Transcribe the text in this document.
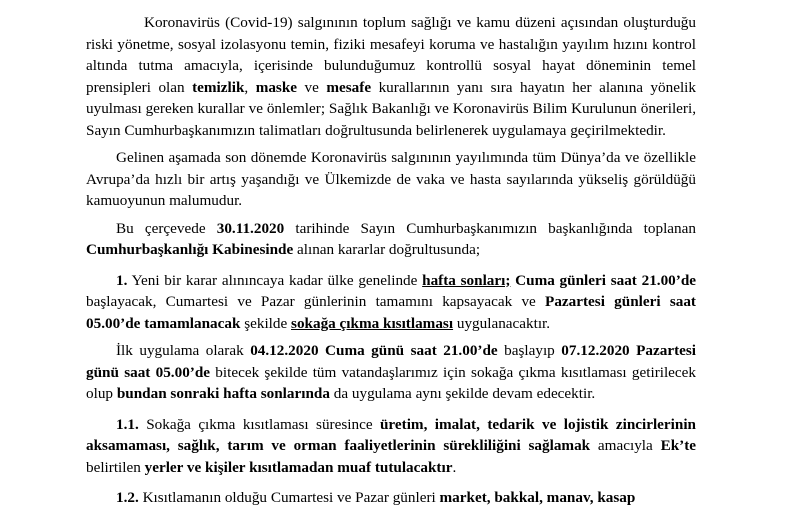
Koronavirüs (Covid-19) salgınının toplum sağlığı ve kamu düzeni açısından oluşturduğu riski yönetme, sosyal izolasyonu temin, fiziki mesafeyi koruma ve hastalığın yayılım hızını kontrol altında tutma amacıyla, içerisinde bulunduğumuz kontrollü sosyal hayat döneminin temel prensipleri olan temizlik, maske ve mesafe kurallarının yanı sıra hayatın her alanına yönelik uyulması gereken kurallar ve önlemler; Sağlık Bakanlığı ve Koronavirüs Bilim Kurulunun önerileri, Sayın Cumhurbaşkanımızın talimatları doğrultusunda belirlenerek uygulamaya geçirilmektedir.

Gelinen aşamada son dönemde Koronavirüs salgınının yayılımında tüm Dünya’da ve özellikle Avrupa’da hızlı bir artış yaşandığı ve Ülkemizde de vaka ve hasta sayılarında yükseliş görüldüğü kamuoyunun malumudur.

Bu çerçevede 30.11.2020 tarihinde Sayın Cumhurbaşkanımızın başkanlığında toplanan Cumhurbaşkanlığı Kabinesinde alınan kararlar doğrultusunda;

1. Yeni bir karar alınıncaya kadar ülke genelinde hafta sonları; Cuma günleri saat 21.00’de başlayacak, Cumartesi ve Pazar günlerinin tamamını kapsayacak ve Pazartesi günleri saat 05.00’de tamamlanacak şekilde sokağa çıkma kısıtlaması uygulanacaktır.

İlk uygulama olarak 04.12.2020 Cuma günü saat 21.00’de başlayıp 07.12.2020 Pazartesi günü saat 05.00’de bitecek şekilde tüm vatandaşlarımız için sokağa çıkma kısıtlaması getirilecek olup bundan sonraki hafta sonlarında da uygulama aynı şekilde devam edecektir.

1.1. Sokağa çıkma kısıtlaması süresince üretim, imalat, tedarik ve lojistik zincirlerinin aksamaması, sağlık, tarım ve orman faaliyetlerinin sürekliliğini sağlamak amacıyla Ek’te belirtilen yerler ve kişiler kısıtlamadan muaf tutulacaktır.

1.2. Kısıtlamanın olduğu Cumartesi ve Pazar günleri market, bakkal, manav, kasap
